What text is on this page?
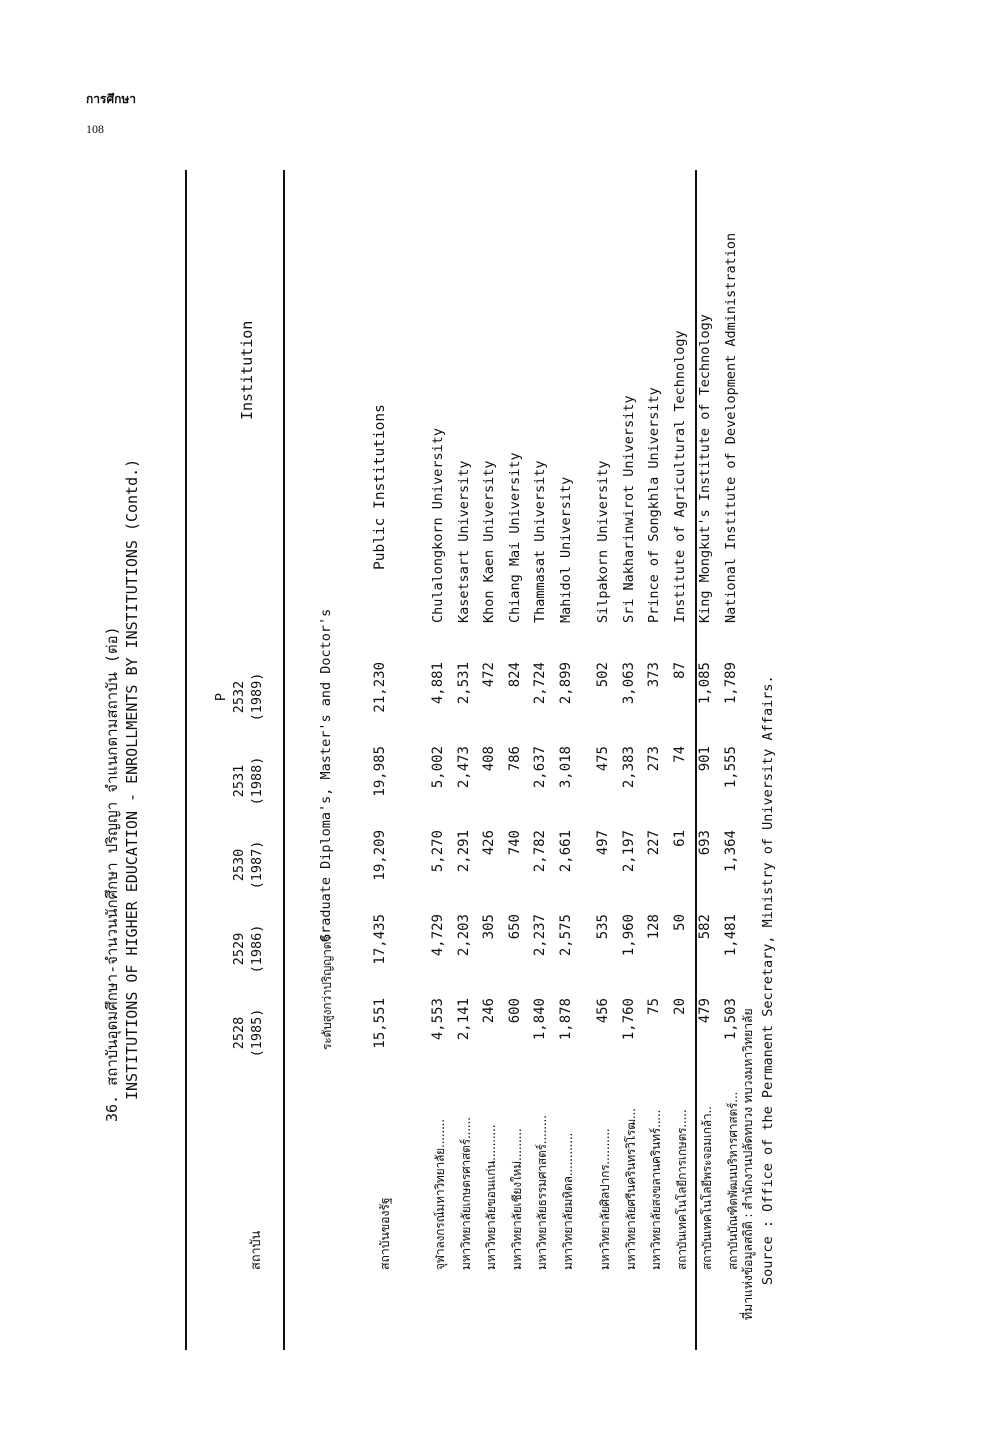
การศึกษา
108
36. สถาบันอุดมศึกษา-จำนวนนักศึกษา ปริญญา จำแนกตามสถาบัน (ต่อ) INSTITUTIONS OF HIGHER EDUCATION - ENROLLMENTS BY INSTITUTIONS (Contd.)
สถาบัน
2528 (1985)
2529 (1986)
2530 (1987)
2531 (1988)
P 2532 (1989)
Institution
ระดับสูงกว่าปริญญาตรี
Graduate Diploma's, Master's and Doctor's
สถาบันของรัฐ
15,551
17,435
19,209
19,985
21,230
Public Institutions
จุฬาลงกรณ์มหาวิทยาลัย........
4,553
4,729
5,270
5,002
4,881
Chulalongkorn University
มหาวิทยาลัยเกษตรศาสตร์......
2,141
2,203
2,291
2,473
2,531
Kasetsart University
มหาวิทยาลัยขอนแก่น..........
246
305
426
408
472
Khon Kaen University
มหาวิทยาลัยเชียงใหม่.........
600
650
740
786
824
Chiang Mai University
มหาวิทยาลัยธรรมศาสตร์........
1,840
2,237
2,782
2,637
2,724
Thammasat University
มหาวิทยาลัยมหิดล............
1,878
2,575
2,661
3,018
2,899
Mahidol University
มหาวิทยาลัยศิลปากร..........
456
535
497
475
502
Silpakorn University
มหาวิทยาลัยศรีนครินทรวิโรฒ...
1,760
1,960
2,197
2,383
3,063
Sri Nakharinwirot University
มหาวิทยาลัยสงขลานครินทร์.....
75
128
227
273
373
Prince of Songkhla University
สถาบันเทคโนโลยีการเกษตร.....
20
50
61
74
87
Institute of Agricultural Technology
สถาบันเทคโนโลยีพระจอมเกล้า..
479
582
693
901
1,085
King Mongkut's Institute of Technology
สถาบันบัณฑิตพัฒนบริหารศาสตร์...
1,503
1,481
1,364
1,555
1,789
National Institute of Development Administration
ที่มาแห่งข้อมูลสถิติ : สำนักงานปลัดทบวง ทบวงมหาวิทยาลัย Source : Office of the Permanent Secretary, Ministry of University Affairs.
